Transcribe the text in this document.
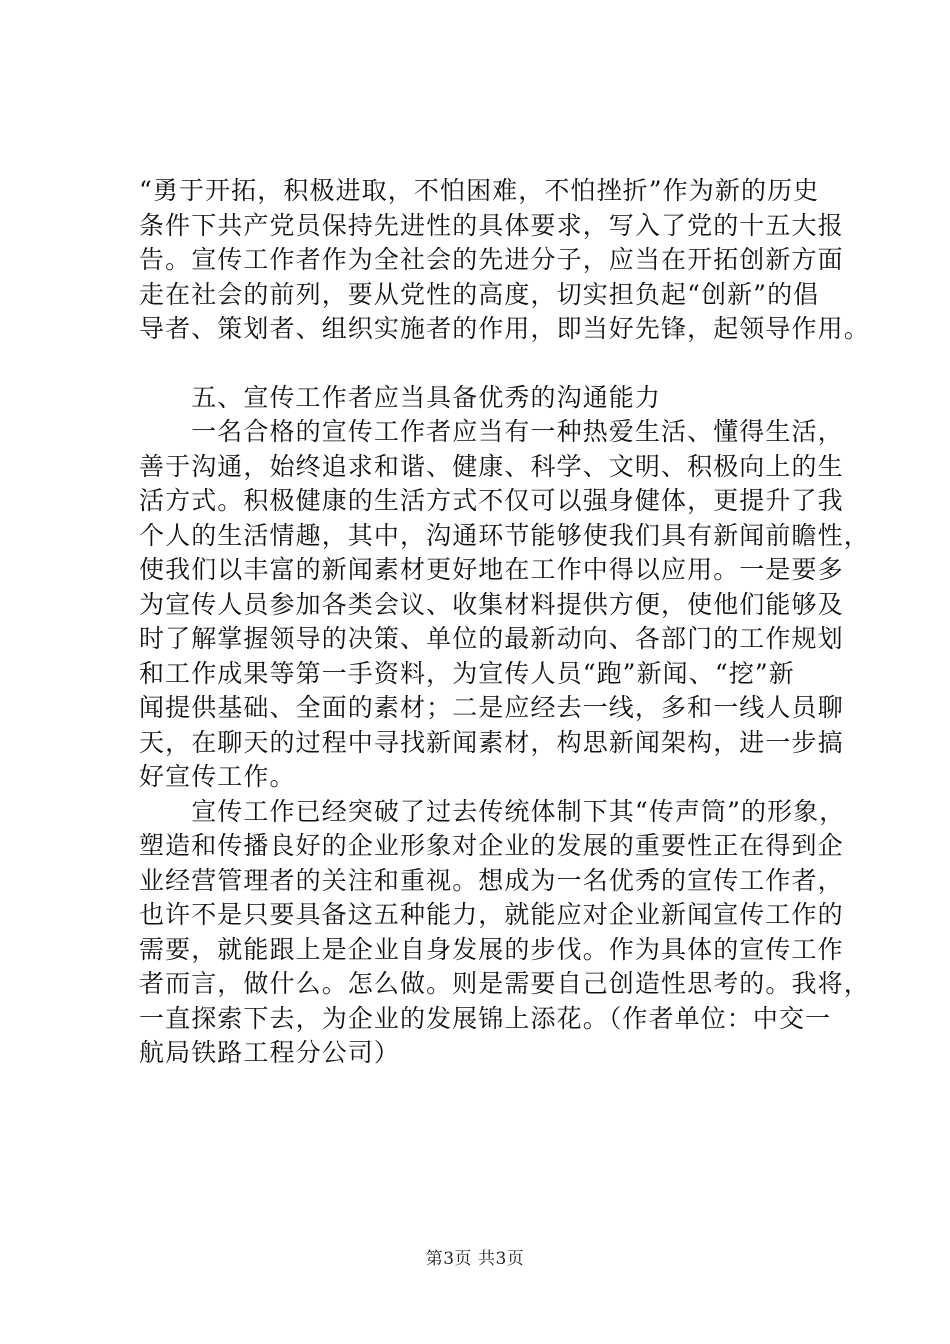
“勇于开拓，积极进取，不怕困难，不怕挫折”作为新的历史
条件下共产党员保持先进性的具体要求，写入了党的十五大报
告。宣传工作者作为全社会的先进分子，应当在开拓创新方面
走在社会的前列，要从党性的高度，切实担负起“创新”的倡
导者、策划者、组织实施者的作用，即当好先锋，起领导作用。

　　五、宣传工作者应当具备优秀的沟通能力

　　一名合格的宣传工作者应当有一种热爱生活、懂得生活，
善于沟通，始终追求和谐、健康、科学、文明、积极向上的生
活方式。积极健康的生活方式不仅可以强身健体，更提升了我
个人的生活情趣，其中，沟通环节能够使我们具有新闻前瞻性，
使我们以丰富的新闻素材更好地在工作中得以应用。一是要多
为宣传人员参加各类会议、收集材料提供方便，使他们能够及
时了解掌握领导的决策、单位的最新动向、各部门的工作规划
和工作成果等第一手资料，为宣传人员“跑”新闻、“挖”新
闻提供基础、全面的素材；二是应经去一线，多和一线人员聊
天，在聊天的过程中寻找新闻素材，构思新闻架构，进一步搞
好宣传工作。

　　宣传工作已经突破了过去传统体制下其“传声筒”的形象，
塑造和传播良好的企业形象对企业的发展的重要性正在得到企
业经营管理者的关注和重视。想成为一名优秀的宣传工作者，
也许不是只要具备这五种能力，就能应对企业新闻宣传工作的
需要，就能跟上是企业自身发展的步伐。作为具体的宣传工作
者而言，做什么。怎么做。则是需要自己创造性思考的。我将，
一直探索下去，为企业的发展锦上添花。（作者单位：中交一
航局铁路工程分公司）

第3页 共3页
